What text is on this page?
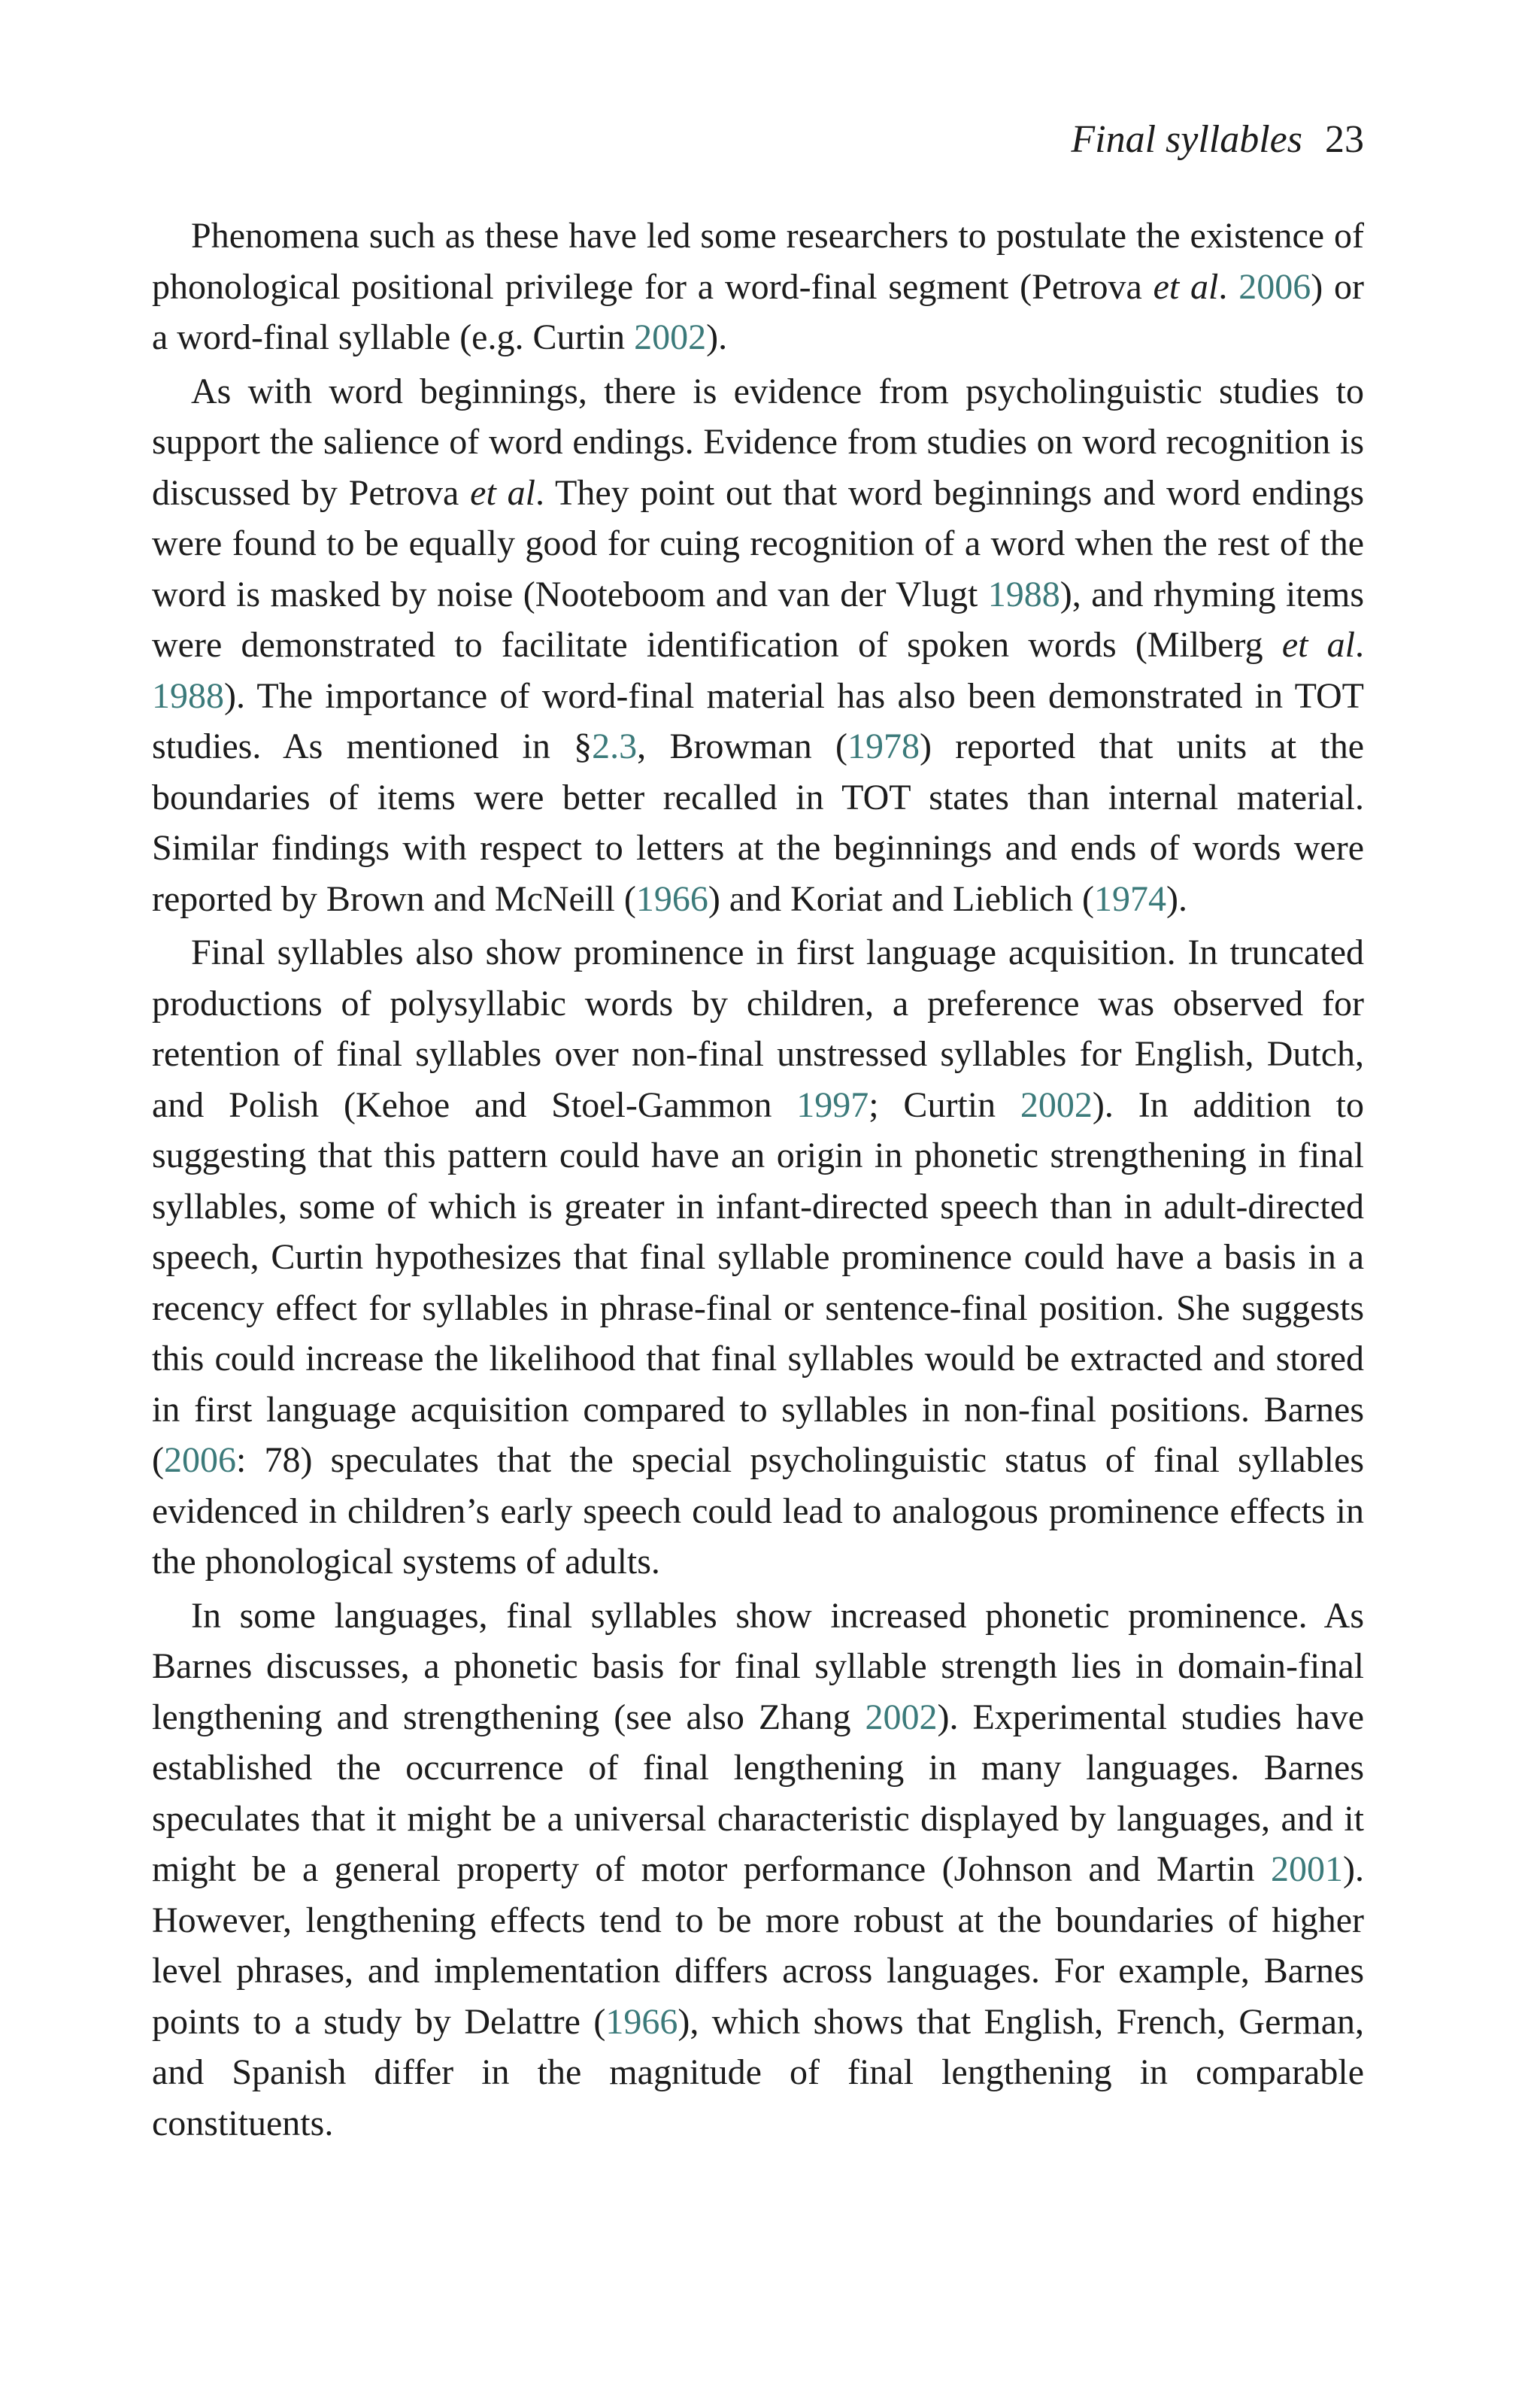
Final syllables 23

Phenomena such as these have led some researchers to postulate the existence of phonological positional privilege for a word-final segment (Petrova et al. 2006) or a word-final syllable (e.g. Curtin 2002).

As with word beginnings, there is evidence from psycholinguistic studies to support the salience of word endings. Evidence from studies on word recognition is discussed by Petrova et al. They point out that word beginnings and word endings were found to be equally good for cuing recognition of a word when the rest of the word is masked by noise (Nooteboom and van der Vlugt 1988), and rhyming items were demonstrated to facilitate identification of spoken words (Milberg et al. 1988). The importance of word-final material has also been demonstrated in TOT studies. As mentioned in §2.3, Browman (1978) reported that units at the boundaries of items were better recalled in TOT states than internal material. Similar findings with respect to letters at the beginnings and ends of words were reported by Brown and McNeill (1966) and Koriat and Lieblich (1974).

Final syllables also show prominence in first language acquisition. In truncated productions of polysyllabic words by children, a preference was observed for retention of final syllables over non-final unstressed syllables for English, Dutch, and Polish (Kehoe and Stoel-Gammon 1997; Curtin 2002). In addition to suggesting that this pattern could have an origin in phonetic strengthening in final syllables, some of which is greater in infant-directed speech than in adult-directed speech, Curtin hypothesizes that final syllable prominence could have a basis in a recency effect for syllables in phrase-final or sentence-final position. She suggests this could increase the likelihood that final syllables would be extracted and stored in first language acquisition compared to syllables in non-final positions. Barnes (2006: 78) speculates that the special psycholinguistic status of final syllables evidenced in children’s early speech could lead to analogous prominence effects in the phonological systems of adults.

In some languages, final syllables show increased phonetic prominence. As Barnes discusses, a phonetic basis for final syllable strength lies in domain-final lengthening and strengthening (see also Zhang 2002). Experimental studies have established the occurrence of final lengthening in many languages. Barnes speculates that it might be a universal characteristic displayed by languages, and it might be a general property of motor performance (Johnson and Martin 2001). However, lengthening effects tend to be more robust at the boundaries of higher level phrases, and implementation differs across languages. For example, Barnes points to a study by Delattre (1966), which shows that English, French, German, and Spanish differ in the magnitude of final lengthening in comparable constituents.
